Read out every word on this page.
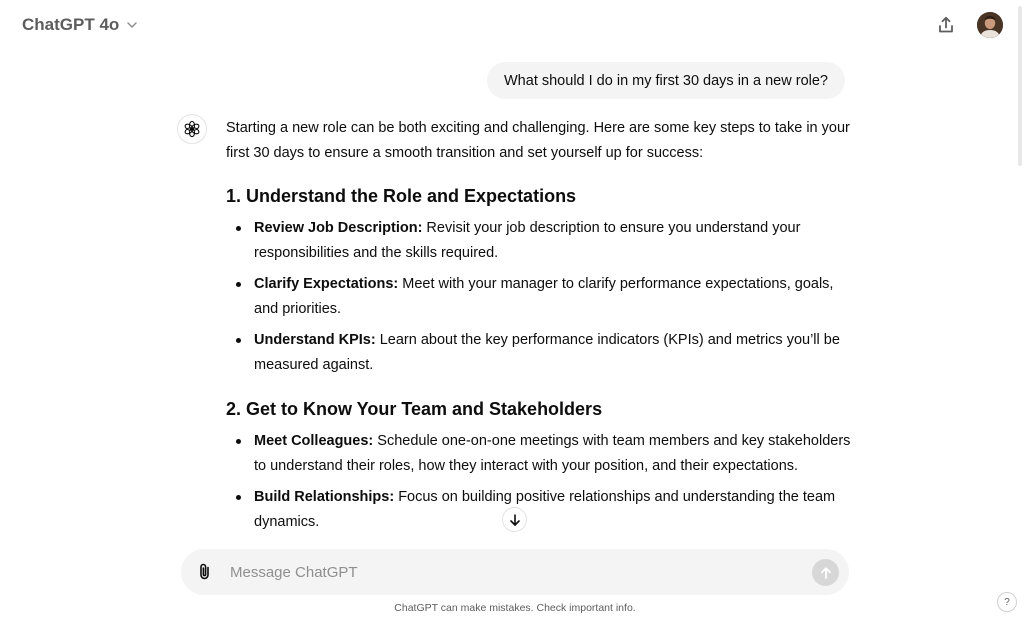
ChatGPT 4o
What should I do in my first 30 days in a new role?

Starting a new role can be both exciting and challenging. Here are some key steps to take in your first 30 days to ensure a smooth transition and set yourself up for success:

1. Understand the Role and Expectations
Review Job Description: Revisit your job description to ensure you understand your responsibilities and the skills required.
Clarify Expectations: Meet with your manager to clarify performance expectations, goals, and priorities.
Understand KPIs: Learn about the key performance indicators (KPIs) and metrics you’ll be measured against.
2. Get to Know Your Team and Stakeholders
Meet Colleagues: Schedule one-on-one meetings with team members and key stakeholders to understand their roles, how they interact with your position, and their expectations.
Build Relationships: Focus on building positive relationships and understanding the team dynamics.
Message ChatGPT
ChatGPT can make mistakes. Check important info.	?
